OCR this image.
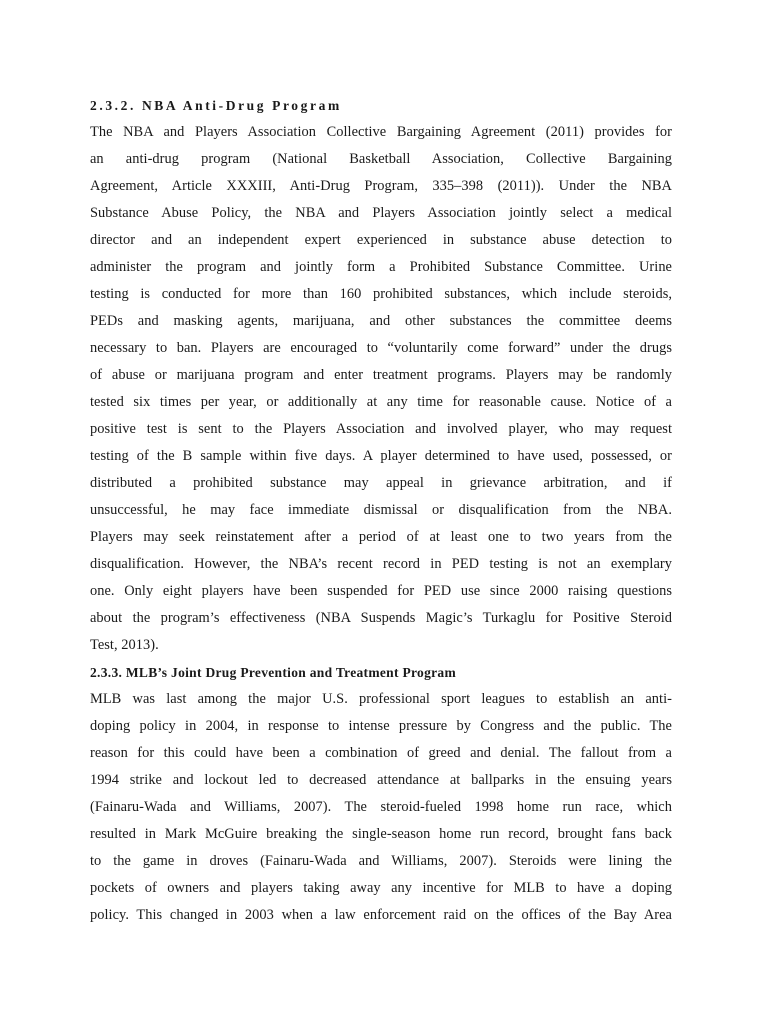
2.3.2. NBA Anti-Drug Program
The NBA and Players Association Collective Bargaining Agreement (2011) provides for
an anti-drug program (National Basketball Association, Collective Bargaining
Agreement, Article XXXIII, Anti-Drug Program, 335–398 (2011)). Under the NBA
Substance Abuse Policy, the NBA and Players Association jointly select a medical
director and an independent expert experienced in substance abuse detection to
administer the program and jointly form a Prohibited Substance Committee. Urine
testing is conducted for more than 160 prohibited substances, which include steroids,
PEDs and masking agents, marijuana, and other substances the committee deems
necessary to ban. Players are encouraged to “voluntarily come forward” under the drugs
of abuse or marijuana program and enter treatment programs. Players may be randomly
tested six times per year, or additionally at any time for reasonable cause. Notice of a
positive test is sent to the Players Association and involved player, who may request
testing of the B sample within five days. A player determined to have used, possessed, or
distributed a prohibited substance may appeal in grievance arbitration, and if
unsuccessful, he may face immediate dismissal or disqualification from the NBA.
Players may seek reinstatement after a period of at least one to two years from the
disqualification. However, the NBA’s recent record in PED testing is not an exemplary
one. Only eight players have been suspended for PED use since 2000 raising questions
about the program’s effectiveness (NBA Suspends Magic’s Turkaglu for Positive Steroid
Test, 2013).
2.3.3. MLB’s Joint Drug Prevention and Treatment Program
MLB was last among the major U.S. professional sport leagues to establish an anti-
doping policy in 2004, in response to intense pressure by Congress and the public. The
reason for this could have been a combination of greed and denial. The fallout from a
1994 strike and lockout led to decreased attendance at ballparks in the ensuing years
(Fainaru-Wada and Williams, 2007). The steroid-fueled 1998 home run race, which
resulted in Mark McGuire breaking the single-season home run record, brought fans back
to the game in droves (Fainaru-Wada and Williams, 2007). Steroids were lining the
pockets of owners and players taking away any incentive for MLB to have a doping
policy. This changed in 2003 when a law enforcement raid on the offices of the Bay Area
